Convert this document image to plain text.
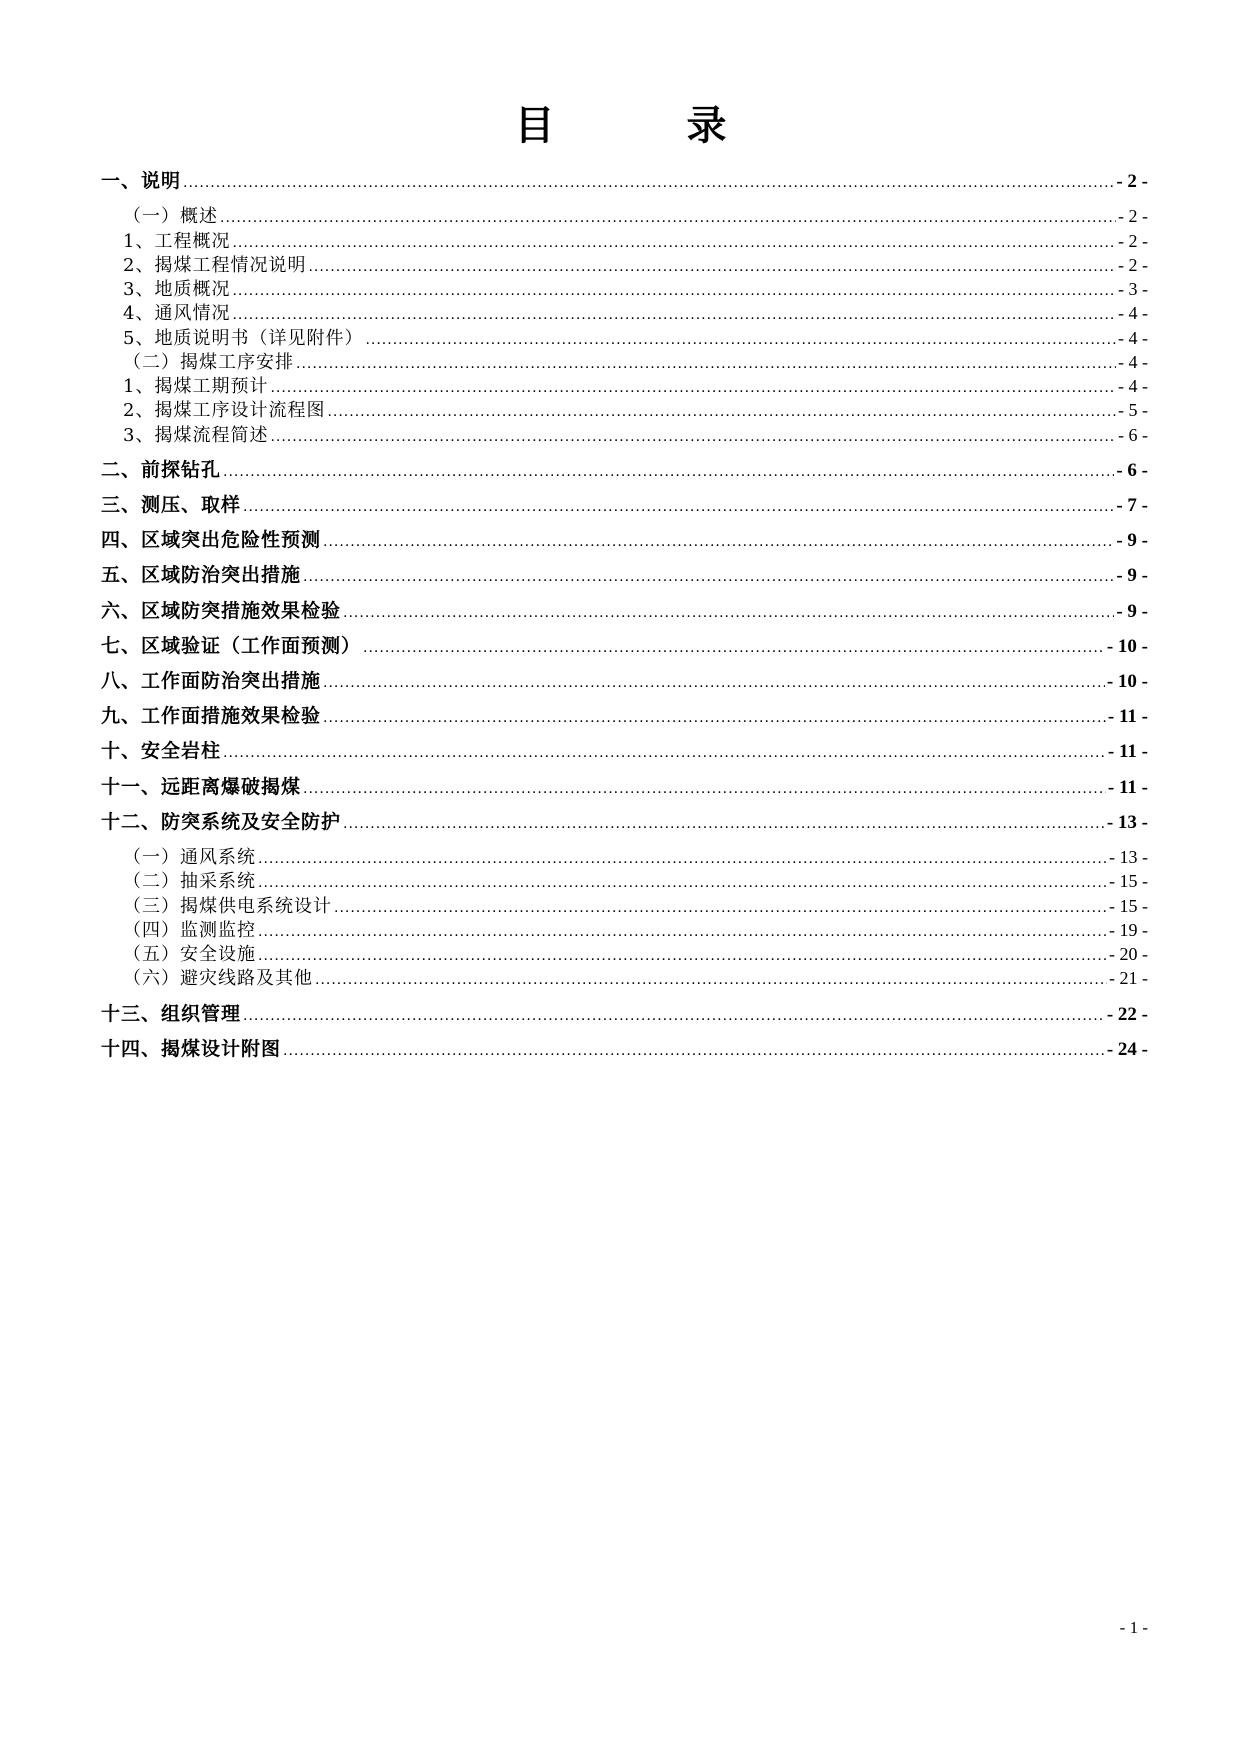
目　录
一、说明 .....	- 2 -
（一）概述 .....	- 2 -
1、工程概况 .....	- 2 -
2、揭煤工程情况说明 .....	- 2 -
3、地质概况 .....	- 3 -
4、通风情况 .....	- 4 -
5、地质说明书（详见附件） .....	- 4 -
（二）揭煤工序安排 .....	- 4 -
1、揭煤工期预计 .....	- 4 -
2、揭煤工序设计流程图 .....	- 5 -
3、揭煤流程简述 .....	- 6 -
二、前探钻孔 .....	- 6 -
三、测压、取样 .....	- 7 -
四、区域突出危险性预测 .....	- 9 -
五、区域防治突出措施 .....	- 9 -
六、区域防突措施效果检验 .....	- 9 -
七、区域验证（工作面预测） .....	- 10 -
八、工作面防治突出措施 .....	- 10 -
九、工作面措施效果检验 .....	- 11 -
十、安全岩柱 .....	- 11 -
十一、远距离爆破揭煤 .....	- 11 -
十二、防突系统及安全防护 .....	- 13 -
（一）通风系统 .....	- 13 -
（二）抽采系统 .....	- 15 -
（三）揭煤供电系统设计 .....	- 15 -
（四）监测监控 .....	- 19 -
（五）安全设施 .....	- 20 -
（六）避灾线路及其他 .....	- 21 -
十三、组织管理 .....	- 22 -
十四、揭煤设计附图 .....	- 24 -
- 1 -
